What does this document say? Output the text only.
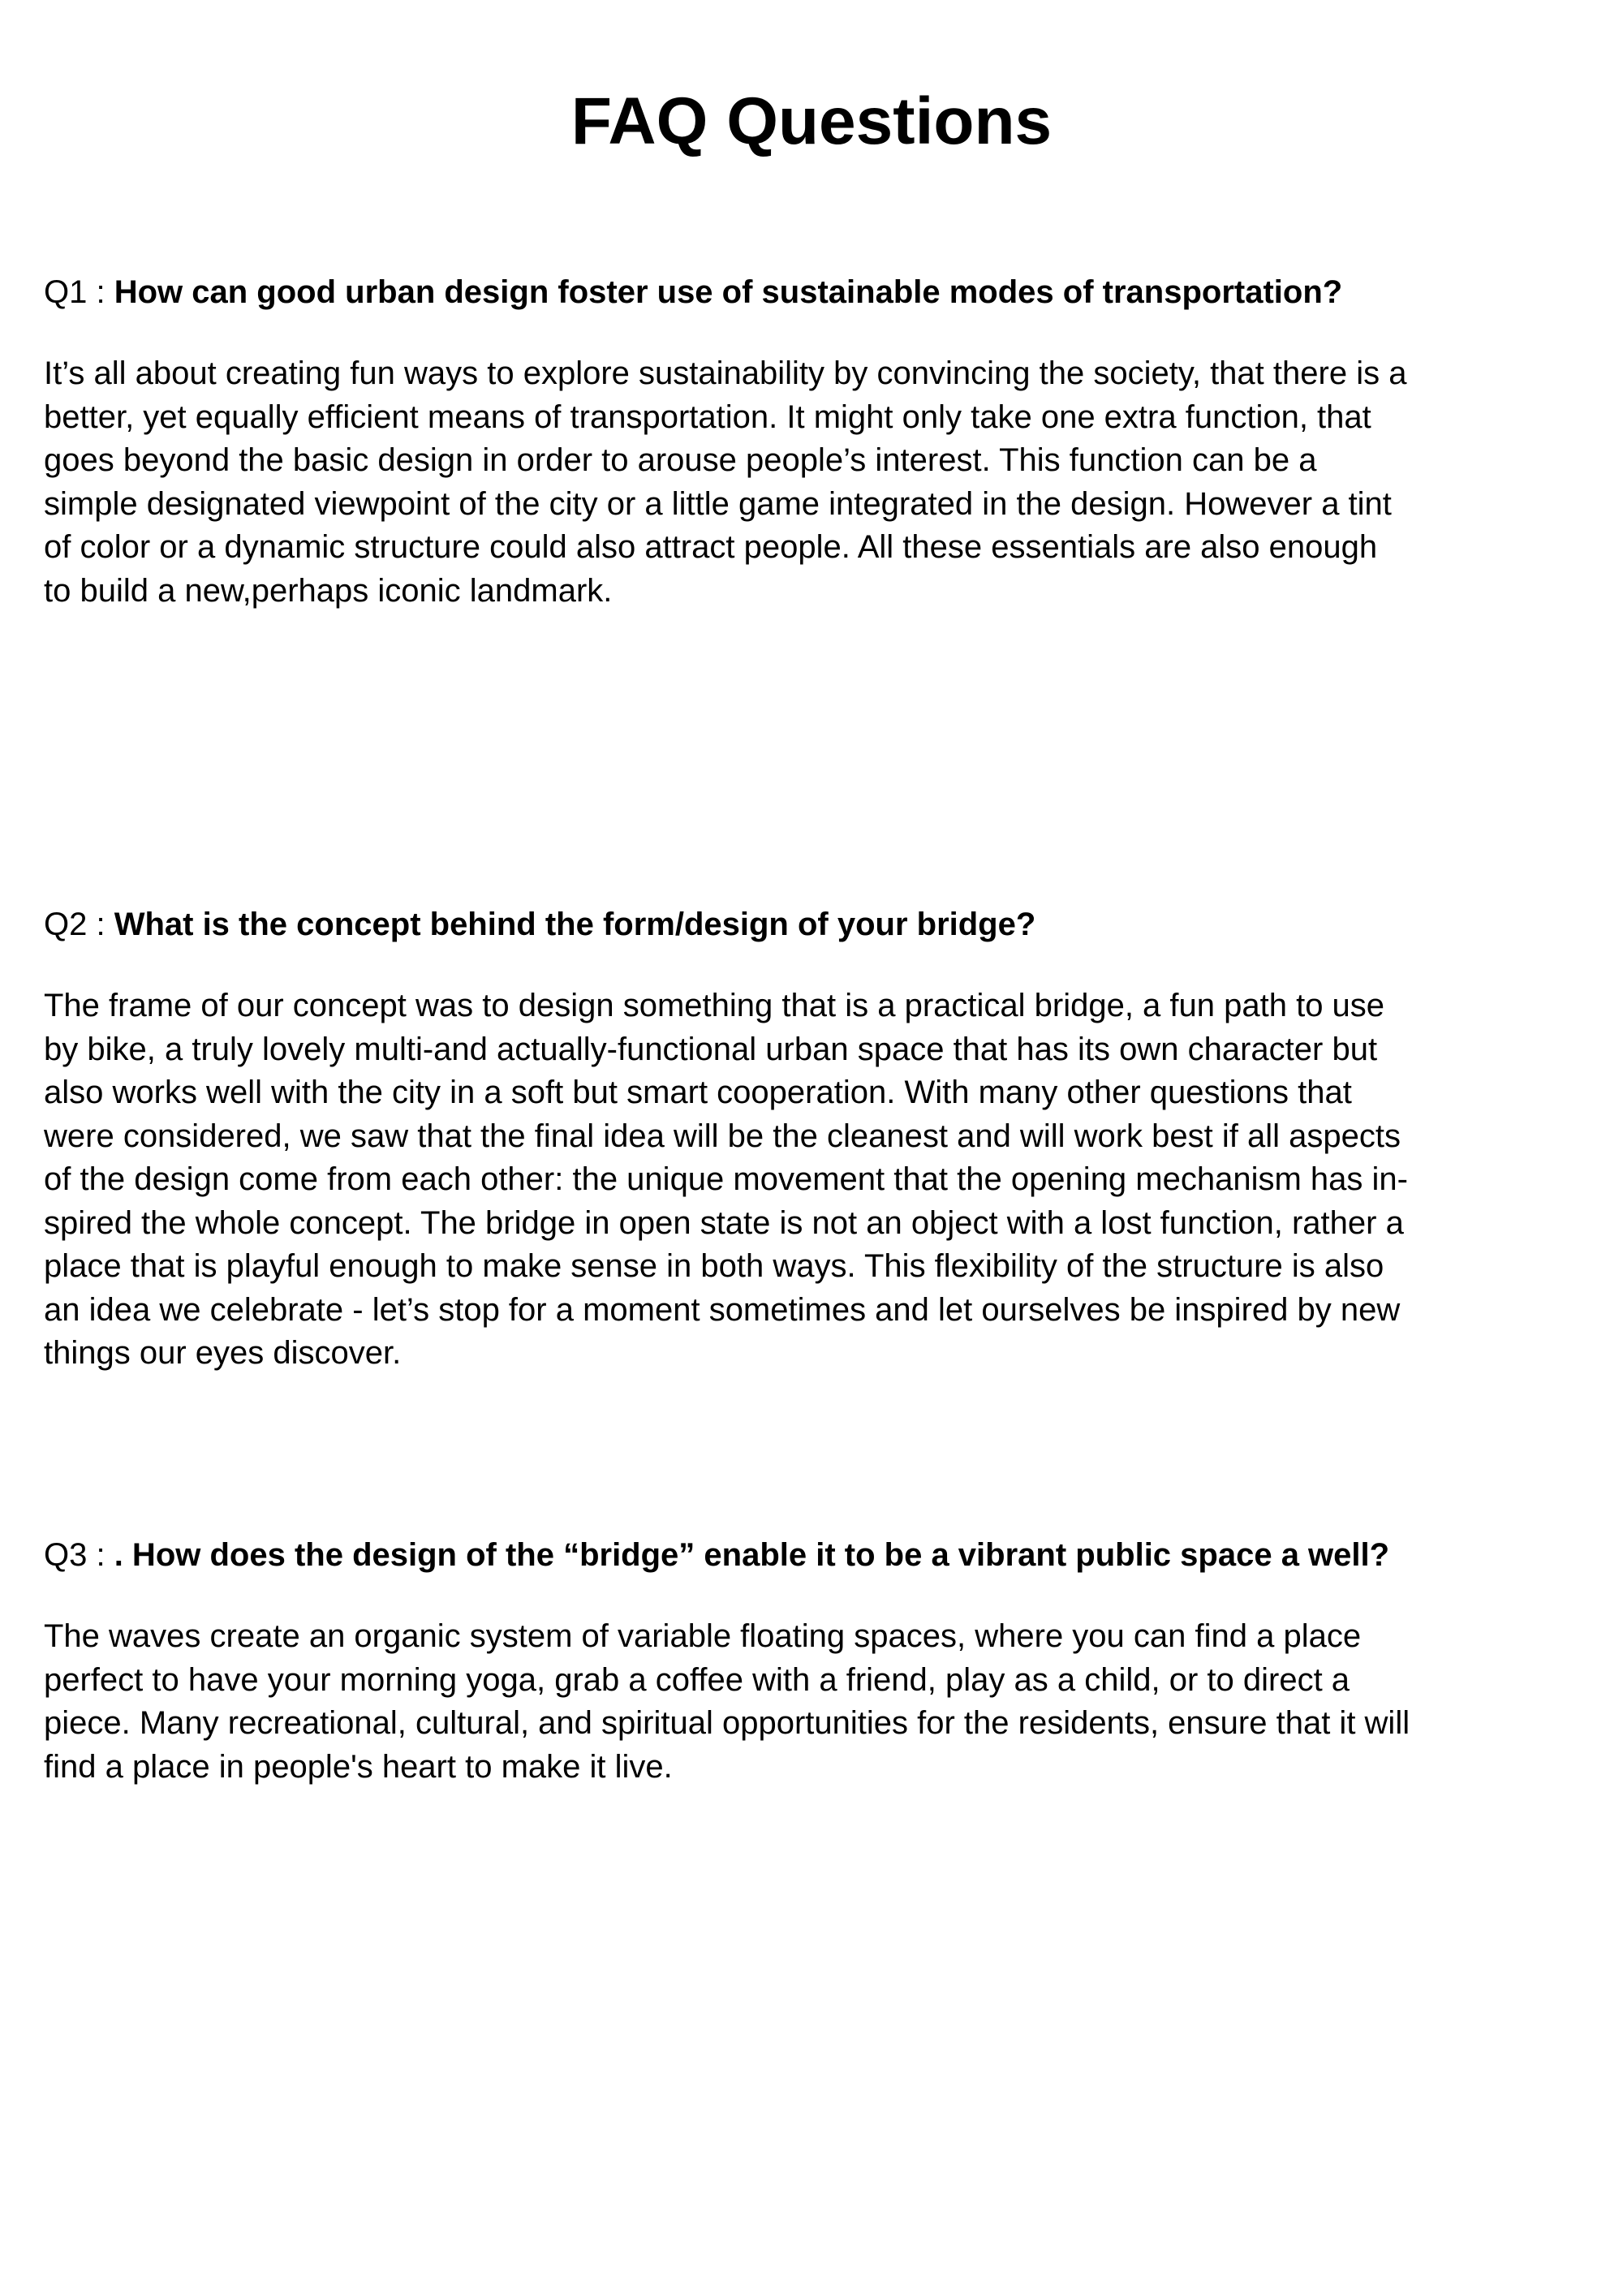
FAQ Questions

Q1 : How can good urban design foster use of sustainable modes of transportation?

It’s all about creating fun ways to explore sustainability by convincing the society, that there is a
better, yet equally efficient means of transportation. It might only take one extra function, that
goes beyond the basic design in order to arouse people’s interest. This function can be a
simple designated viewpoint of the city or a little game integrated in the design. However a tint
of color or a dynamic structure could also attract people. All these essentials are also enough
to build a new,perhaps iconic landmark.

Q2 : What is the concept behind the form/design of your bridge?

The frame of our concept was to design something that is a practical bridge, a fun path to use
by bike, a truly lovely multi-and actually-functional urban space that has its own character but
also works well with the city in a soft but smart cooperation. With many other questions that
were considered, we saw that the final idea will be the cleanest and will work best if all aspects
of the design come from each other: the unique movement that the opening mechanism has in-
spired the whole concept. The bridge in open state is not an object with a lost function, rather a
place that is playful enough to make sense in both ways. This flexibility of the structure is also
an idea we celebrate - let’s stop for a moment sometimes and let ourselves be inspired by new
things our eyes discover.

Q3 : . How does the design of the “bridge” enable it to be a vibrant public space a well?

The waves create an organic system of variable floating spaces, where you can find a place
perfect to have your morning yoga, grab a coffee with a friend, play as a child, or to direct a
piece. Many recreational, cultural, and spiritual opportunities for the residents, ensure that it will
find a place in people's heart to make it live.
